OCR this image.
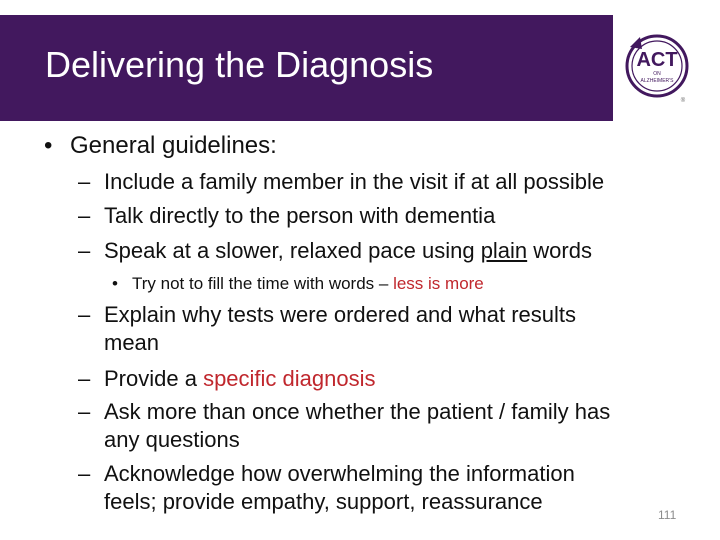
Delivering the Diagnosis	ACT
ON
ALZHEIMER'S
®
• General guidelines:
– Include a family member in the visit if at all possible
– Talk directly to the person with dementia
– Speak at a slower, relaxed pace using plain words
• Try not to fill the time with words – less is more
– Explain why tests were ordered and what results
mean
– Provide a specific diagnosis
– Ask more than once whether the patient / family has
any questions
– Acknowledge how overwhelming the information
feels; provide empathy, support, reassurance
111
